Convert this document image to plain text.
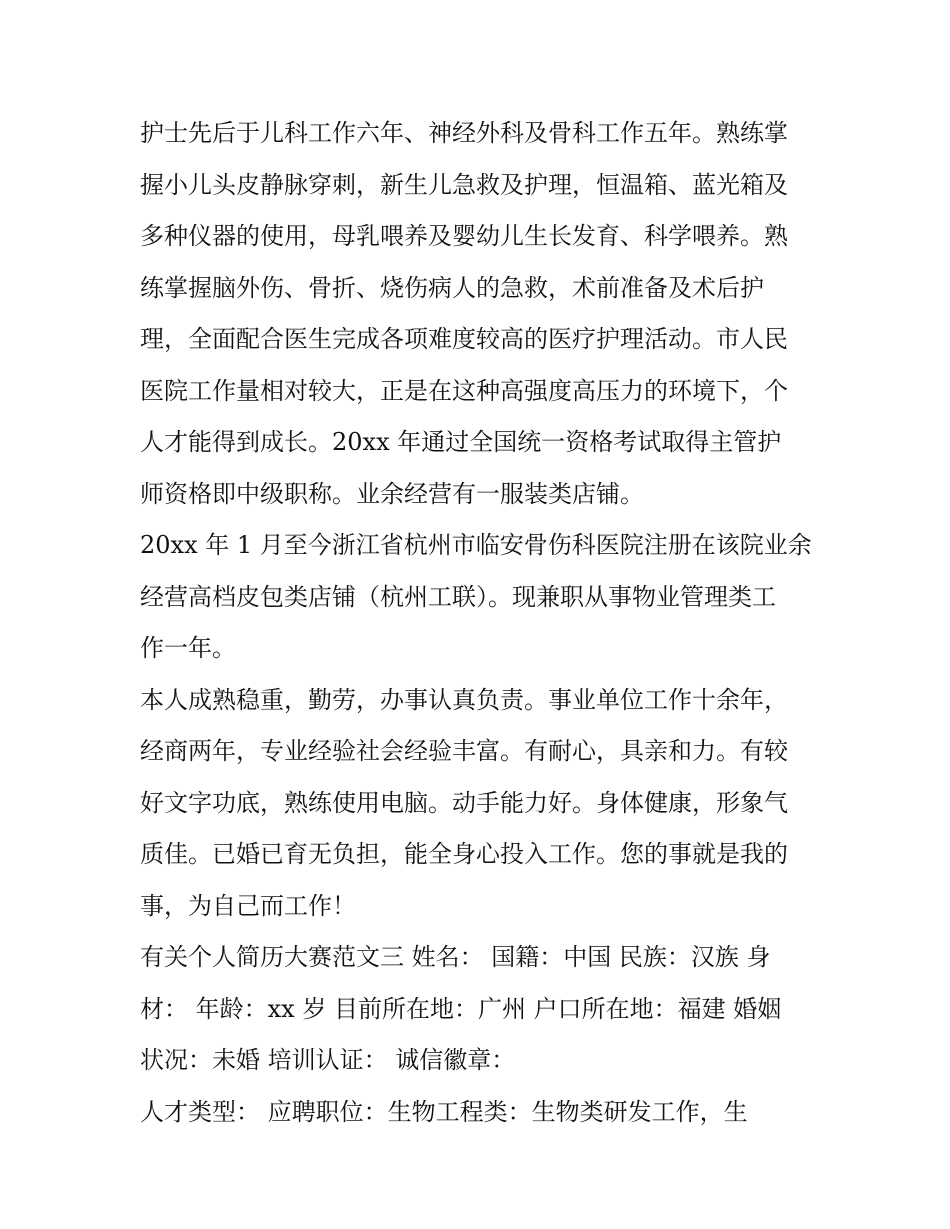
护士先后于儿科工作六年、神经外科及骨科工作五年。熟练掌
握小儿头皮静脉穿刺，新生儿急救及护理，恒温箱、蓝光箱及
多种仪器的使用，母乳喂养及婴幼儿生长发育、科学喂养。熟
练掌握脑外伤、骨折、烧伤病人的急救，术前准备及术后护
理，全面配合医生完成各项难度较高的医疗护理活动。市人民
医院工作量相对较大，正是在这种高强度高压力的环境下，个
人才能得到成长。20xx 年通过全国统一资格考试取得主管护
师资格即中级职称。业余经营有一服装类店铺。
20xx 年 1 月至今浙江省杭州市临安骨伤科医院注册在该院业余
经营高档皮包类店铺（杭州工联）。现兼职从事物业管理类工
作一年。
本人成熟稳重，勤劳，办事认真负责。事业单位工作十余年，
经商两年，专业经验社会经验丰富。有耐心，具亲和力。有较
好文字功底，熟练使用电脑。动手能力好。身体健康，形象气
质佳。已婚已育无负担，能全身心投入工作。您的事就是我的
事，为自己而工作！
有关个人简历大赛范文三 姓名： 国籍：中国 民族：汉族 身
材： 年龄：xx 岁 目前所在地：广州 户口所在地：福建 婚姻
状况：未婚 培训认证： 诚信徽章：
人才类型： 应聘职位：生物工程类：生物类研发工作，生
